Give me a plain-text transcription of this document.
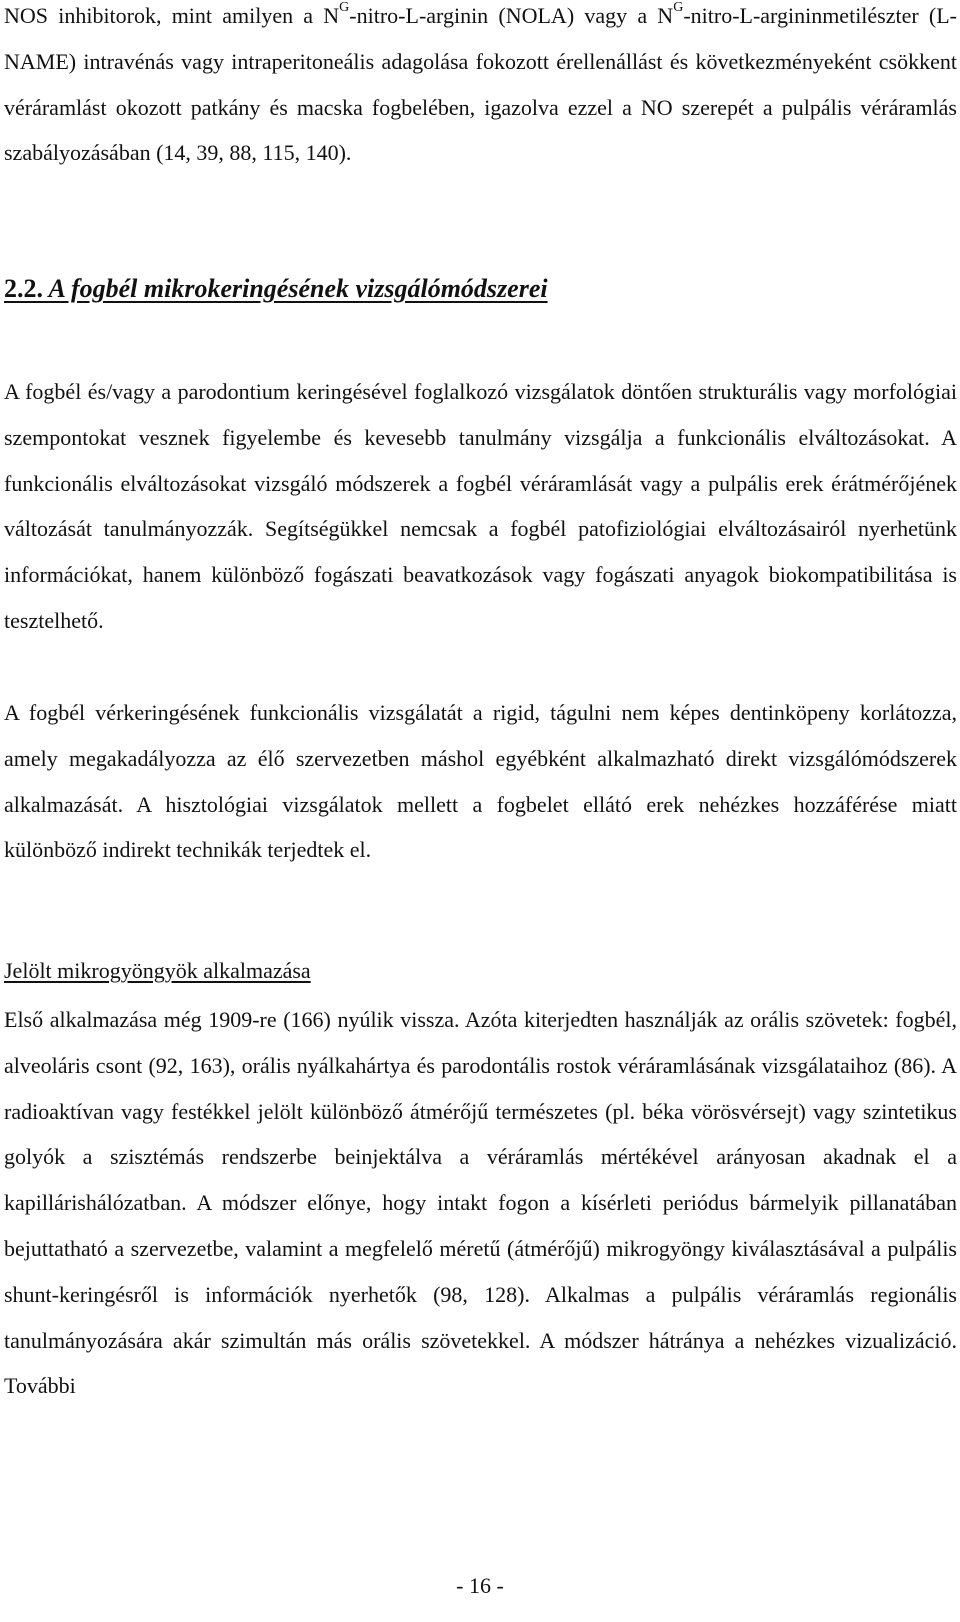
NOS inhibitorok, mint amilyen a $N^G-nitro-L$-arginin (NOLA) vagy a $N^G-nitro-L$-argininmetilészter (L-NAME) intravénás vagy intraperitoneális adagolása fokozott érellenállást és következményeként csökkent véráramlást okozott patkány és macska fogbelében, igazolva ezzel a NO szerepét a pulpális véráramlás szabályozásában (14, 39, 88, 115, 140).

2.2. A fogbél mikrokeringésének vizsgálómódszerei

A fogbél és/vagy a parodontium keringésével foglalkozó vizsgálatok döntően strukturális vagy morfológiai szempontokat vesznek figyelembe és kevesebb tanulmány vizsgálja a funkcionális elváltozásokat. A funkcionális elváltozásokat vizsgáló módszerek a fogbél véráramlását vagy a pulpális erek érátmérőjének változását tanulmányozzák. Segítségükkel nemcsak a fogbél patofiziológiai elváltozásairól nyerhetünk információkat, hanem különböző fogászati beavatkozások vagy fogászati anyagok biokompatibilitása is tesztelhető.

A fogbél vérkeringésének funkcionális vizsgálatát a rigid, tágulni nem képes dentinköpeny korlátozza, amely megakadályozza az élő szervezetben máshol egyébként alkalmazható direkt vizsgálómódszerek alkalmazását. A hisztológiai vizsgálatok mellett a fogbelet ellátó erek nehézkes hozzáférése miatt különböző indirekt technikák terjedtek el.

Jelölt mikrogyöngyök alkalmazása

Első alkalmazása még 1909-re (166) nyúlik vissza. Azóta kiterjedten használják az orális szövetek: fogbél, alveoláris csont (92, 163), orális nyálkahártya és parodontális rostok véráramlásának vizsgálataihoz (86). A radioaktívan vagy festékkel jelölt különböző átmérőjű természetes (pl. béka vörösvérsejt) vagy szintetikus golyók a szisztémás rendszerbe beinjektálva a véráramlás mértékével arányosan akadnak el a kapillárishálózatban. A módszer előnye, hogy intakt fogon a kísérleti periódus bármelyik pillanatában bejuttatható a szervezetbe, valamint a megfelelő méretű (átmérőjű) mikrogyöngy kiválasztásával a pulpális shunt-keringésről is információk nyerhetők (98, 128). Alkalmas a pulpális véráramlás regionális tanulmányozására akár szimultán más orális szövetekkel. A módszer hátránya a nehézkes vizualizáció. További

- 16 -
